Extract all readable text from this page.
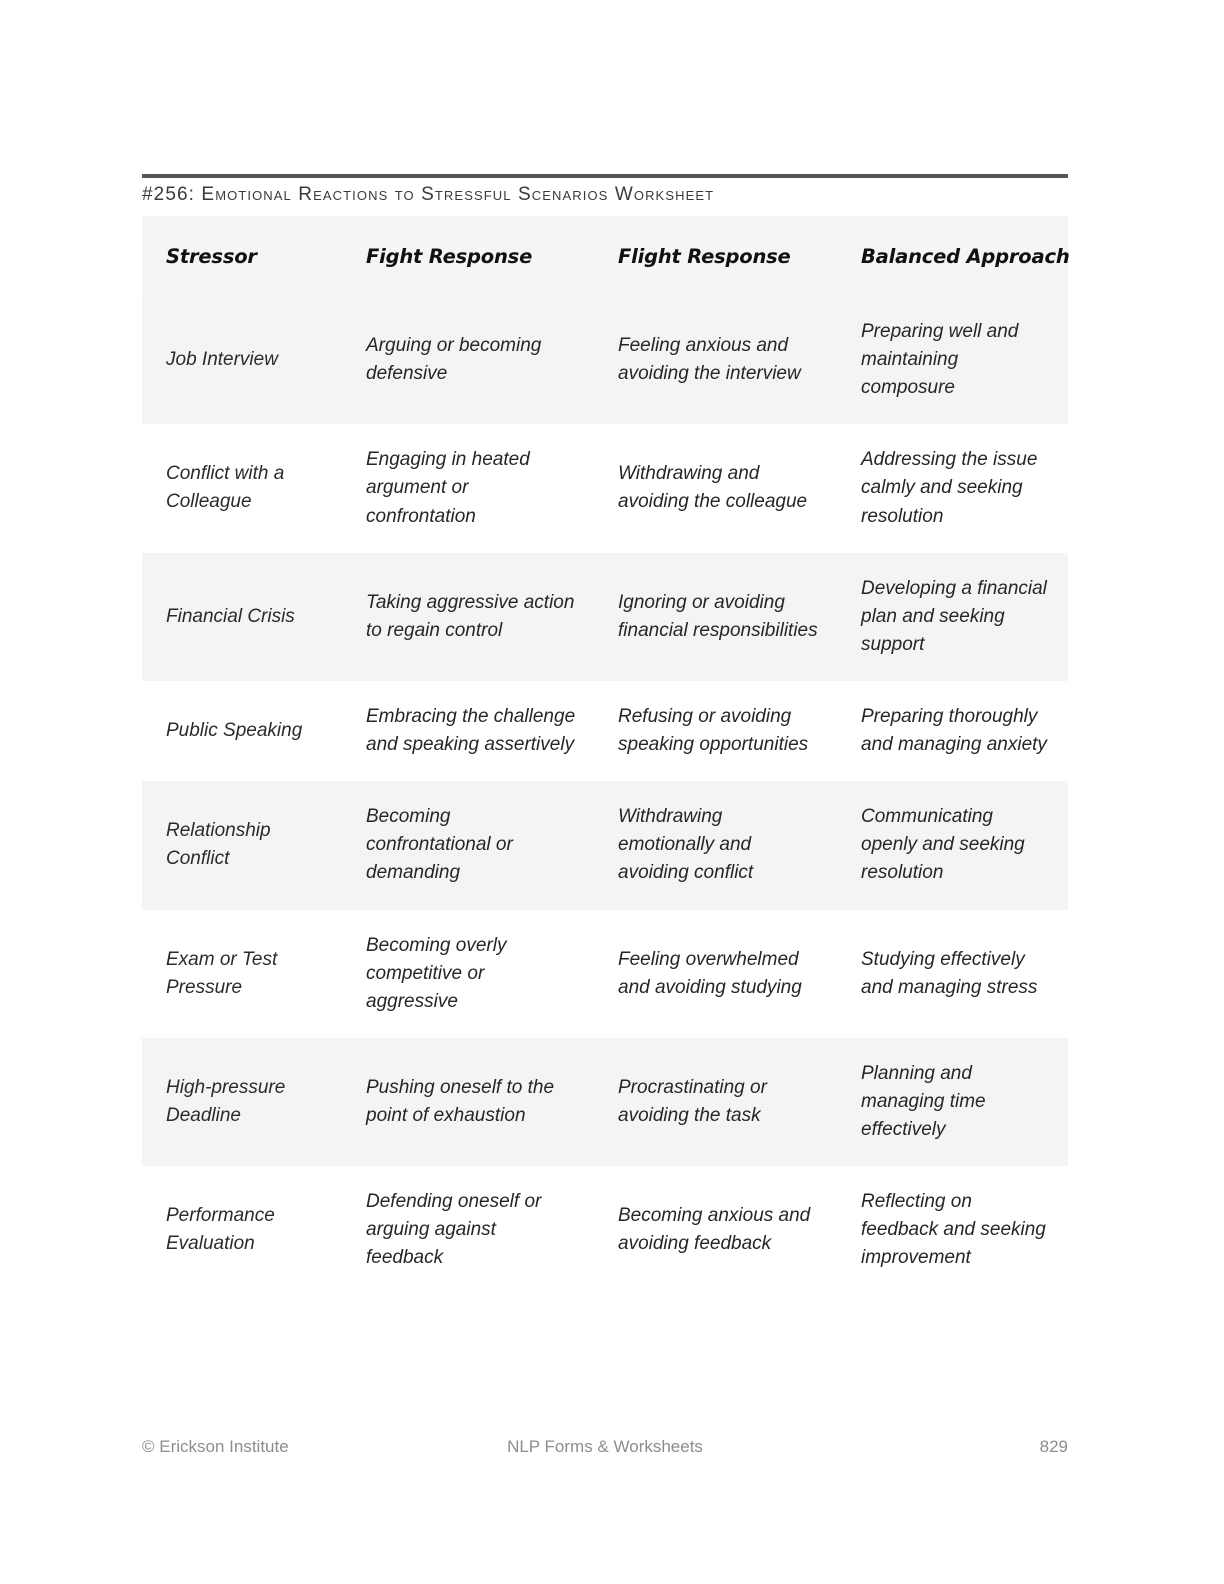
#256: Emotional Reactions to Stressful Scenarios Worksheet
Stressor	Fight Response	Flight Response	Balanced Approach
Job Interview	Arguing or becoming defensive	Feeling anxious and avoiding the interview	Preparing well and maintaining composure
Conflict with a Colleague	Engaging in heated argument or confrontation	Withdrawing and avoiding the colleague	Addressing the issue calmly and seeking resolution
Financial Crisis	Taking aggressive action to regain control	Ignoring or avoiding financial responsibilities	Developing a financial plan and seeking support
Public Speaking	Embracing the challenge and speaking assertively	Refusing or avoiding speaking opportunities	Preparing thoroughly and managing anxiety
Relationship Conflict	Becoming confrontational or demanding	Withdrawing emotionally and avoiding conflict	Communicating openly and seeking resolution
Exam or Test Pressure	Becoming overly competitive or aggressive	Feeling overwhelmed and avoiding studying	Studying effectively and managing stress
High-pressure Deadline	Pushing oneself to the point of exhaustion	Procrastinating or avoiding the task	Planning and managing time effectively
Performance Evaluation	Defending oneself or arguing against feedback	Becoming anxious and avoiding feedback	Reflecting on feedback and seeking improvement
© Erickson Institute	NLP Forms & Worksheets	829
